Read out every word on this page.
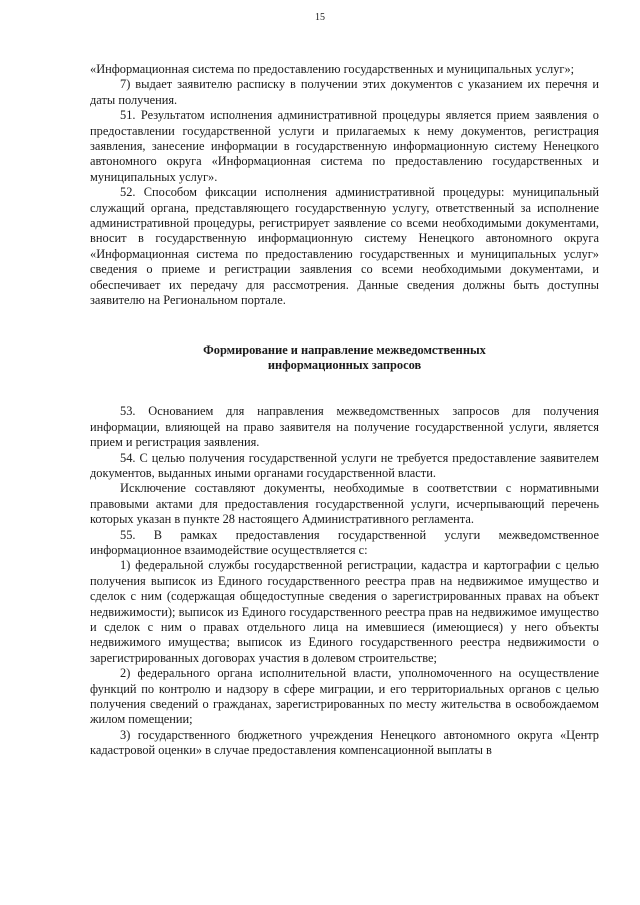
15

«Информационная система по предоставлению государственных и муниципальных услуг»;

7) выдает заявителю расписку в получении этих документов с указанием их перечня и даты получения.

51. Результатом исполнения административной процедуры является прием заявления о предоставлении государственной услуги и прилагаемых к нему документов, регистрация заявления, занесение информации в государственную информационную систему Ненецкого автономного округа «Информационная система по предоставлению государственных и муниципальных услуг».

52. Способом фиксации исполнения административной процедуры: муниципальный служащий органа, представляющего государственную услугу, ответственный за исполнение административной процедуры, регистрирует заявление со всеми необходимыми документами, вносит в государственную информационную систему Ненецкого автономного округа «Информационная система по предоставлению государственных и муниципальных услуг» сведения о приеме и регистрации заявления со всеми необходимыми документами, и обеспечивает их передачу для рассмотрения. Данные сведения должны быть доступны заявителю на Региональном портале.

Формирование и направление межведомственных
информационных запросов

53. Основанием для направления межведомственных запросов для получения информации, влияющей на право заявителя на получение государственной услуги, является прием и регистрация заявления.

54. С целью получения государственной услуги не требуется предоставление заявителем документов, выданных иными органами государственной власти.

Исключение составляют документы, необходимые в соответствии с нормативными правовыми актами для предоставления государственной услуги, исчерпывающий перечень которых указан в пункте 28 настоящего Административного регламента.

55. В рамках предоставления государственной услуги межведомственное информационное взаимодействие осуществляется с:

1) федеральной службы государственной регистрации, кадастра и картографии с целью получения выписок из Единого государственного реестра прав на недвижимое имущество и сделок с ним (содержащая общедоступные сведения о зарегистрированных правах на объект недвижимости); выписок из Единого государственного реестра прав на недвижимое имущество и сделок с ним о правах отдельного лица на имевшиеся (имеющиеся) у него объекты недвижимого имущества; выписок из Единого государственного реестра недвижимости о зарегистрированных договорах участия в долевом строительстве;

2) федерального органа исполнительной власти, уполномоченного на осуществление функций по контролю и надзору в сфере миграции, и его территориальных органов с целью получения сведений о гражданах, зарегистрированных по месту жительства в освобождаемом жилом помещении;

3) государственного бюджетного учреждения Ненецкого автономного округа «Центр кадастровой оценки» в случае предоставления компенсационной выплаты в
